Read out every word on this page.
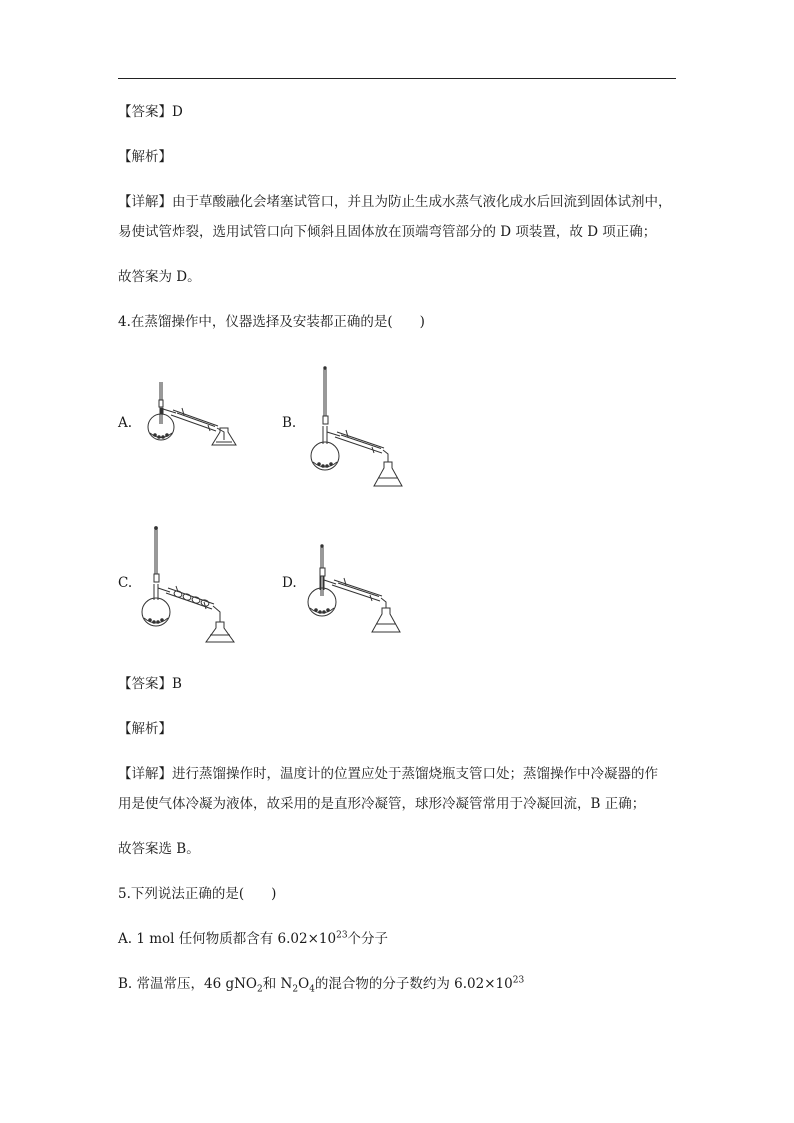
【答案】D
【解析】
【详解】由于草酸融化会堵塞试管口，并且为防止生成水蒸气液化成水后回流到固体试剂中，
易使试管炸裂，选用试管口向下倾斜且固体放在顶端弯管部分的 D 项装置，故 D 项正确；
故答案为 D。
4.在蒸馏操作中，仪器选择及安装都正确的是(　　)
A.	B.
C.	D.
【答案】B
【解析】
【详解】进行蒸馏操作时，温度计的位置应处于蒸馏烧瓶支管口处；蒸馏操作中冷凝器的作
用是使气体冷凝为液体，故采用的是直形冷凝管，球形冷凝管常用于冷凝回流，B 正确；
故答案选 B。
5.下列说法正确的是(　　)
A. 1 mol 任何物质都含有 $6.02\times 10^{23}$个分子
B. 常温常压，46 gNO$_2$和 $N_2O_4$的混合物的分子数约为 $6.02\times 10^{23}$
